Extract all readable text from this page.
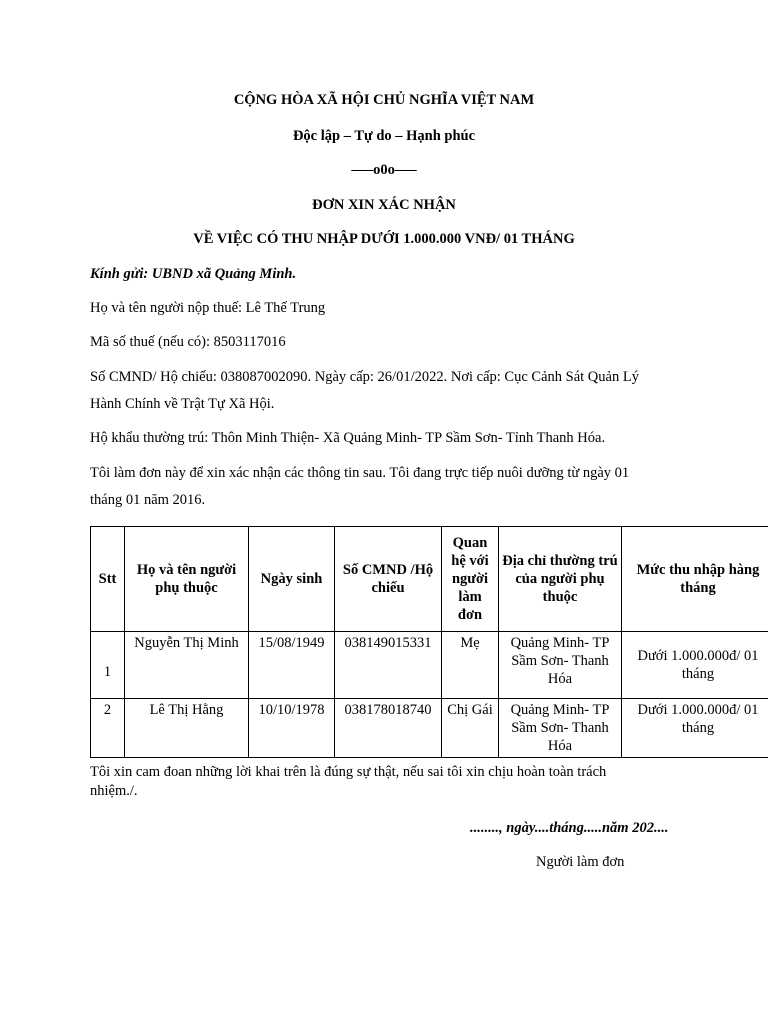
CỘNG HÒA XÃ HỘI CHỦ NGHĨA VIỆT NAM
Độc lập – Tự do – Hạnh phúc
—–o0o—–
ĐƠN XIN XÁC NHẬN
VỀ VIỆC CÓ THU NHẬP DƯỚI 1.000.000 VNĐ/ 01 THÁNG
Kính gửi: UBND xã Quảng Minh.
Họ và tên người nộp thuế: Lê Thế Trung
Mã số thuế (nếu có): 8503117016
Số CMND/ Hộ chiếu: 038087002090. Ngày cấp: 26/01/2022. Nơi cấp: Cục Cảnh Sát Quản Lý
Hành Chính về Trật Tự Xã Hội.
Hộ khẩu thường trú: Thôn Minh Thiện- Xã Quảng Minh- TP Sầm Sơn- Tỉnh Thanh Hóa.
Tôi làm đơn này để xin xác nhận các thông tin sau. Tôi đang trực tiếp nuôi dưỡng từ ngày 01
tháng 01 năm 2016.
Stt	Họ và tên người phụ thuộc	Ngày sinh	Số CMND /Hộ chiếu	Quan hệ với người làm đơn	Địa chỉ thường trú của người phụ thuộc	Mức thu nhập hàng tháng
1	Nguyễn Thị Minh	15/08/1949	038149015331	Mẹ	Quảng Minh- TP Sầm Sơn- Thanh Hóa	Dưới 1.000.000đ/ 01 tháng
2	Lê Thị Hằng	10/10/1978	038178018740	Chị Gái	Quảng Minh- TP Sầm Sơn- Thanh Hóa	Dưới 1.000.000đ/ 01 tháng
Tôi xin cam đoan những lời khai trên là đúng sự thật, nếu sai tôi xin chịu hoàn toàn trách
nhiệm./.
........, ngày....tháng.....năm 202....
Người làm đơn
